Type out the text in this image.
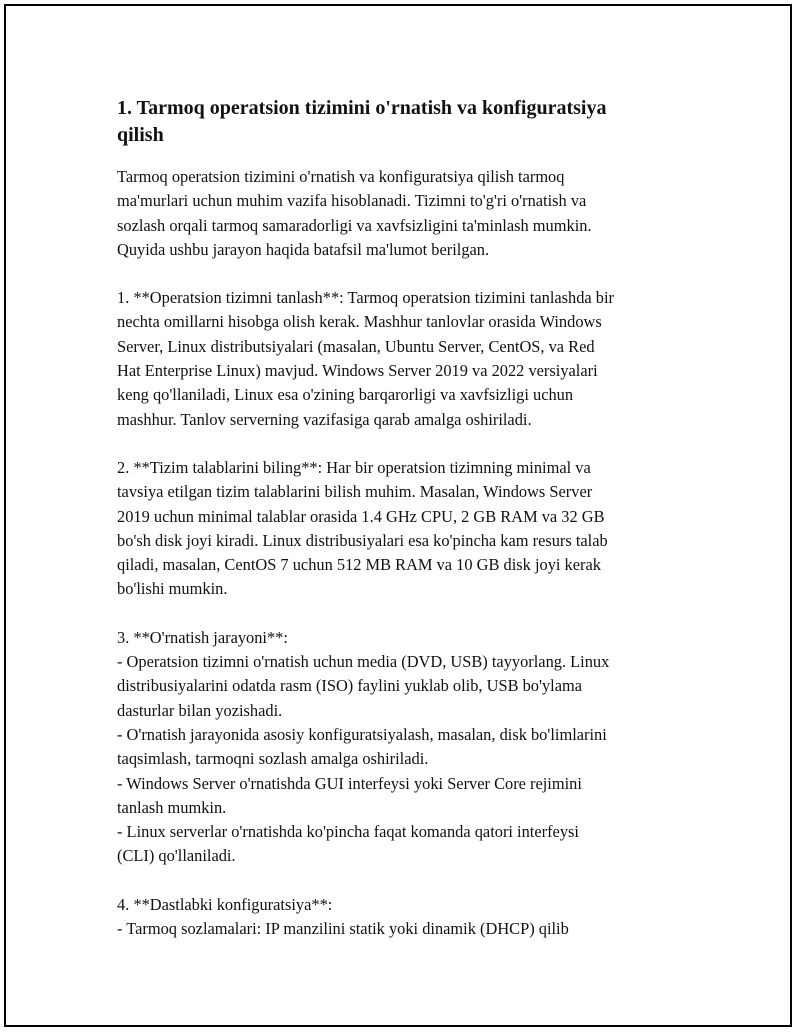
1. Tarmoq operatsion tizimini o'rnatish va konfiguratsiya
qilish

Tarmoq operatsion tizimini o'rnatish va konfiguratsiya qilish tarmoq
ma'murlari uchun muhim vazifa hisoblanadi. Tizimni to'g'ri o'rnatish va
sozlash orqali tarmoq samaradorligi va xavfsizligini ta'minlash mumkin.
Quyida ushbu jarayon haqida batafsil ma'lumot berilgan.

1. **Operatsion tizimni tanlash**: Tarmoq operatsion tizimini tanlashda bir
nechta omillarni hisobga olish kerak. Mashhur tanlovlar orasida Windows
Server, Linux distributsiyalari (masalan, Ubuntu Server, CentOS, va Red
Hat Enterprise Linux) mavjud. Windows Server 2019 va 2022 versiyalari
keng qo'llaniladi, Linux esa o'zining barqarorligi va xavfsizligi uchun
mashhur. Tanlov serverning vazifasiga qarab amalga oshiriladi.

2. **Tizim talablarini biling**: Har bir operatsion tizimning minimal va
tavsiya etilgan tizim talablarini bilish muhim. Masalan, Windows Server
2019 uchun minimal talablar orasida 1.4 GHz CPU, 2 GB RAM va 32 GB
bo'sh disk joyi kiradi. Linux distribusiyalari esa ko'pincha kam resurs talab
qiladi, masalan, CentOS 7 uchun 512 MB RAM va 10 GB disk joyi kerak
bo'lishi mumkin.

3. **O'rnatish jarayoni**:
- Operatsion tizimni o'rnatish uchun media (DVD, USB) tayyorlang. Linux
distribusiyalarini odatda rasm (ISO) faylini yuklab olib, USB bo'ylama
dasturlar bilan yozishadi.
- O'rnatish jarayonida asosiy konfiguratsiyalash, masalan, disk bo'limlarini
taqsimlash, tarmoqni sozlash amalga oshiriladi.
- Windows Server o'rnatishda GUI interfeysi yoki Server Core rejimini
tanlash mumkin.
- Linux serverlar o'rnatishda ko'pincha faqat komanda qatori interfeysi
(CLI) qo'llaniladi.

4. **Dastlabki konfiguratsiya**:
- Tarmoq sozlamalari: IP manzilini statik yoki dinamik (DHCP) qilib
